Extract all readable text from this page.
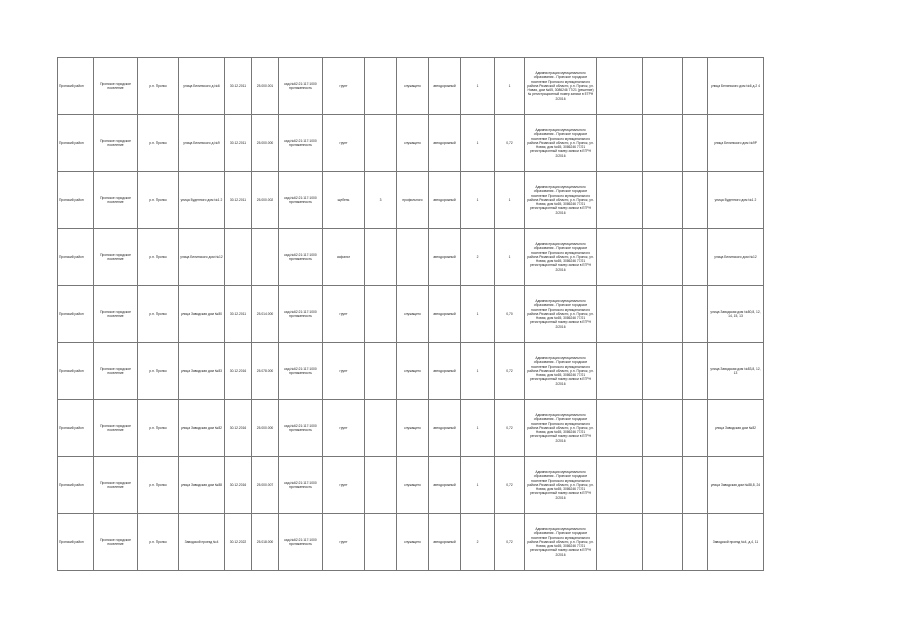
Пронский район	Пронское городское поселение	р.п. Пронск	улица Белинского д.№6	30.12.2011	25.000.001	кад.№62:21:117:1000 протяженность	грунт		служащего	автодорожный	1	1	Администрация муниципального образования - Пронское городское поселение Пронского муниципального района Рязанской области, р.п. Пронск, ул. Новая, дом №65, 3086246 77/21 (решение) № регистрационный номер записи в ЕГРН 2/2016				улица Белинского дом №6 д.2 4
Пронский район	Пронское городское поселение	р.п. Пронск	улица Белинского д.№9	30.12.2011	25.000.000	кад.№62:21:117:1000 протяженность	грунт		служащего	автодорожный	1	0,72	Администрация муниципального образования - Пронское городское поселение Пронского муниципального района Рязанской области, р.п. Пронск, ул. Новая, дом №65, 3086246 77/21 регистрационный номер записи в ЕГРН 2/2016				улица Белинского дом №9Р
Пронский район	Пронское городское поселение	р.п. Пронск	улица Буденного дом №1 2	30.12.2011	25.000.002	кад.№62:21:117:1000 протяженность	щебень	3	профильного	автодорожный	1	1	Администрация муниципального образования - Пронское городское поселение Пронского муниципального района Рязанской области, р.п. Пронск, ул. Новая, дом №65, 3086246 77/21 регистрационный номер записи в ЕГРН 2/2016				улица Буденного дом №1 2
Пронский район	Пронское городское поселение	р.п. Пронск	улица Белинского дом №12			кад.№62:21:117:1000 протяженность	асфальт			автодорожный	2	1	Администрация муниципального образования - Пронское городское поселение Пронского муниципального района Рязанской области, р.п. Пронск, ул. Новая, дом №65, 3086246 77/21 регистрационный номер записи в ЕГРН 2/2016				улица Белинского дом №12
Пронский район	Пронское городское поселение	р.п. Пронск	улица Заводская дом №80	30.12.2011	25.014.000	кад.№62:21:117:1000 протяженность	грунт		служащего	автодорожный	1	0,70	Администрация муниципального образования - Пронское городское поселение Пронского муниципального района Рязанской области, р.п. Пронск, ул. Новая, дом №65, 3086246 77/21 регистрационный номер записи в ЕГРН 2/2016				улица Заводская дом №80,8, 12, 14, 15, 13
Пронский район	Пронское городское поселение	р.п. Пронск	улица Заводская дом №83	30.12.2016	25.078.000	кад.№62:21:117:1000 протяженность	грунт		служащего	автодорожный	1	0,72	Администрация муниципального образования - Пронское городское поселение Пронского муниципального района Рязанской области, р.п. Пронск, ул. Новая, дом №65, 3086246 77/21 регистрационный номер записи в ЕГРН 2/2016				улица Заводская дом №83,8, 12, 13
Пронский район	Пронское городское поселение	р.п. Пронск	улица Заводская дом №82	30.12.2016	25.000.000	кад.№62:21:117:1000 протяженность	грунт		служащего	автодорожный	1	0,72	Администрация муниципального образования - Пронское городское поселение Пронского муниципального района Рязанской области, р.п. Пронск, ул. Новая, дом №65, 3086246 77/21 регистрационный номер записи в ЕГРН 2/2016				улица Заводская дом №82
Пронский район	Пронское городское поселение	р.п. Пронск	улица Заводская дом №88	30.12.2016	25.000.007	кад.№62:21:117:1000 протяженность	грунт		служащего	автодорожный	1	0,72	Администрация муниципального образования - Пронское городское поселение Пронского муниципального района Рязанской области, р.п. Пронск, ул. Новая, дом №65, 3086246 77/21 регистрационный номер записи в ЕГРН 2/2016				улица Заводская дом №88,8, 24
Пронский район	Пронское городское поселение	р.п. Пронск	Заводской проезд №4	30.12.2022	25.018.000	кад.№62:21:117:1000 протяженность	грунт		служащего	автодорожный	2	0,72	Администрация муниципального образования - Пронское городское поселение Пронского муниципального района Рязанской области, р.п. Пронск, ул. Новая, дом №65, 3086246 77/21 регистрационный номер записи в ЕГРН 2/2016				Заводской проезд №4, д.4, 11
